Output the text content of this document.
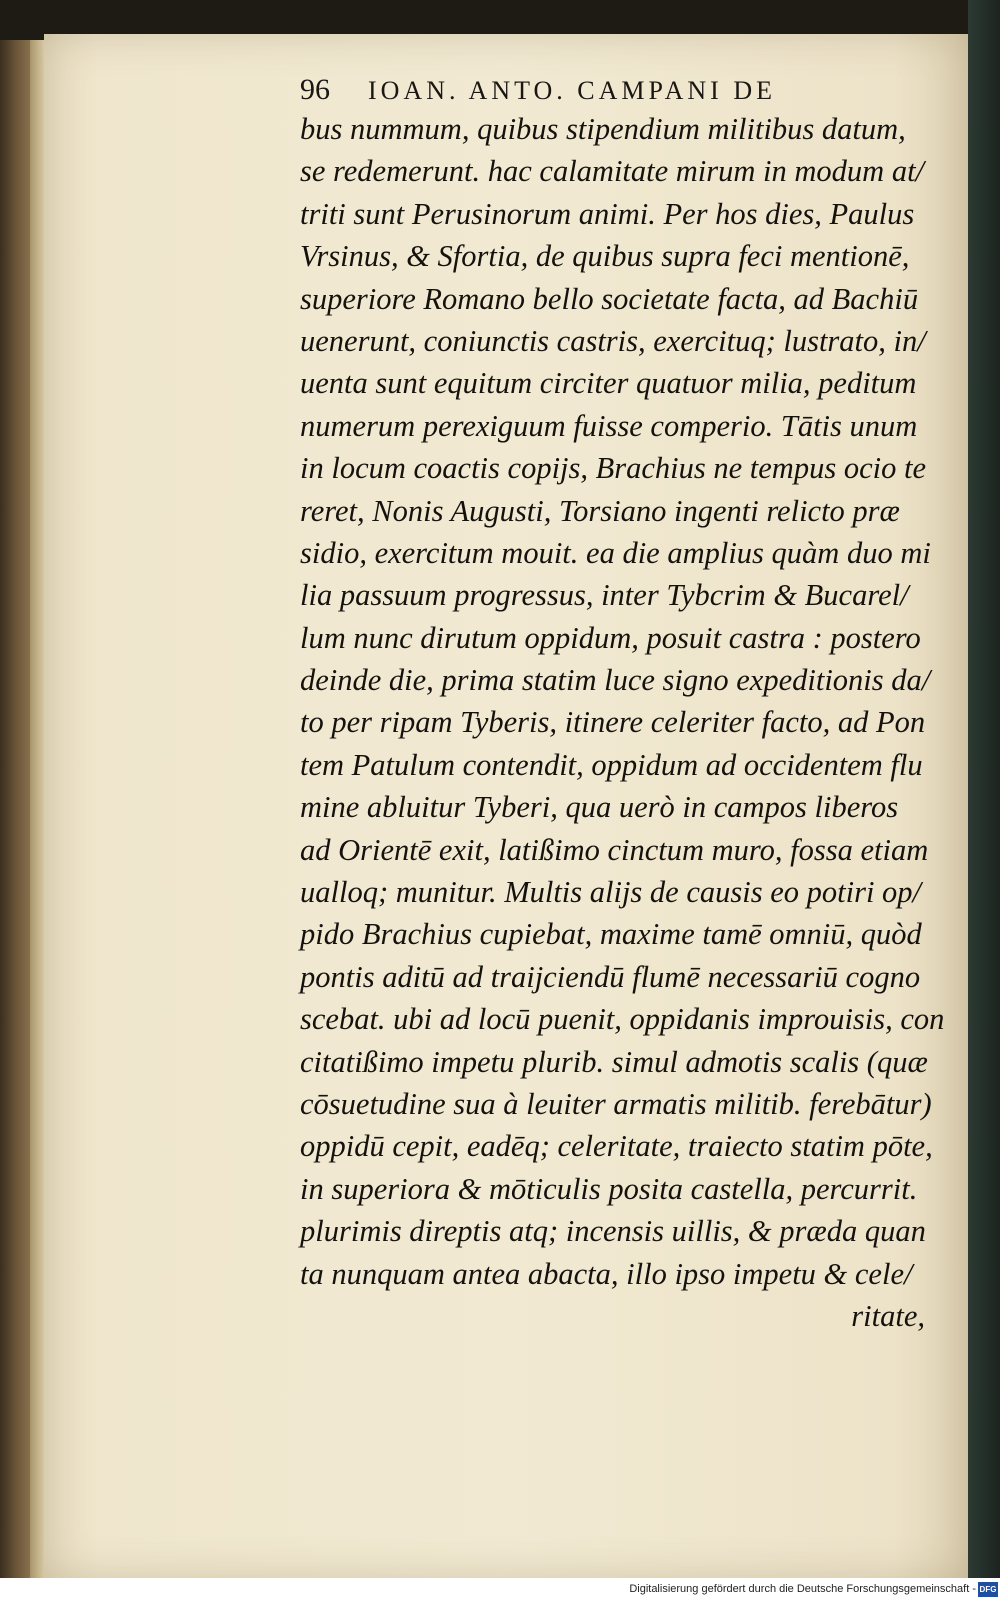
96 IOAN. ANTO. CAMPANI DE
bus nummum, quibus stipendium militibus datum,
se redemerunt. hac calamitate mirum in modum at/
triti sunt Perusinorum animi. Per hos dies, Paulus
Vrsinus, & Sfortia, de quibus supra feci mentionē,
superiore Romano bello societate facta, ad Bachiū
uenerunt, coniunctis castris, exercituq; lustrato, in/
uenta sunt equitum circiter quatuor milia, peditum
numerum perexiguum fuisse comperio. Tātis unum
in locum coactis copijs, Brachius ne tempus ocio te
reret, Nonis Augusti, Torsiano ingenti relicto præ
sidio, exercitum mouit. ea die amplius quàm duo mi
lia passuum progressus, inter Tybcrim & Bucarel/
lum nunc dirutum oppidum, posuit castra : postero
deinde die, prima statim luce signo expeditionis da/
to per ripam Tyberis, itinere celeriter facto, ad Pon
tem Patulum contendit, oppidum ad occidentem flu
mine abluitur Tyberi, qua uerò in campos liberos
ad Orientē exit, latißimo cinctum muro, fossa etiam
ualloq; munitur. Multis alijs de causis eo potiri op/
pido Brachius cupiebat, maxime tamē omniū, quòd
pontis aditū ad traijciendū flumē necessariū cogno
scebat. ubi ad locū puenit, oppidanis improuisis, con
citatißimo impetu plurib. simul admotis scalis (quæ
cōsuetudine sua à leuiter armatis militib. ferebātur)
oppidū cepit, eadēq; celeritate, traiecto statim pōte,
in superiora & mōticulis posita castella, percurrit.
plurimis direptis atq; incensis uillis, & præda quan
ta nunquam antea abacta, illo ipso impetu & cele/
ritate,
Digitalisierung gefördert durch die Deutsche Forschungsgemeinschaft - DFG
